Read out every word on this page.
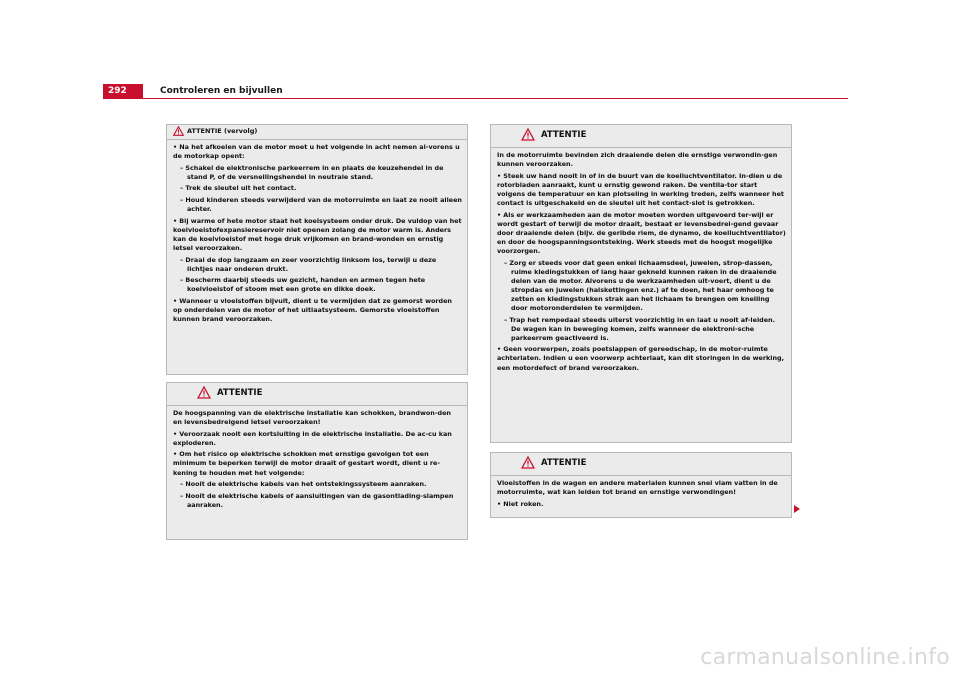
292	Controleren en bijvullen
ATTENTIE (vervolg)

• Na het afkoelen van de motor moet u het volgende in acht nemen al-vorens u de motorkap opent:

– Schakel de elektronische parkeerrem in en plaats de keuzehendel in de stand P, of de versnellingshendel in neutrale stand.

– Trek de sleutel uit het contact.

– Houd kinderen steeds verwijderd van de motorruimte en laat ze nooit alleen achter.

• Bij warme of hete motor staat het koelsysteem onder druk. De vuldop van het koelvloeistofexpansiereservoir niet openen zolang de motor warm is. Anders kan de koelvloeistof met hoge druk vrijkomen en brand-wonden en ernstig letsel veroorzaken.

– Draai de dop langzaam en zeer voorzichtig linksom los, terwijl u deze lichtjes naar onderen drukt.

– Bescherm daarbij steeds uw gezicht, handen en armen tegen hete koelvloeistof of stoom met een grote en dikke doek.

• Wanneer u vloeistoffen bijvult, dient u te vermijden dat ze gemorst worden op onderdelen van de motor of het uitlaatsysteem. Gemorste vloeistoffen kunnen brand veroorzaken.

ATTENTIE

De hoogspanning van de elektrische installatie kan schokken, brandwon-den en levensbedreigend letsel veroorzaken!

• Veroorzaak nooit een kortsluiting in de elektrische installatie. De ac-cu kan exploderen.

• Om het risico op elektrische schokken met ernstige gevolgen tot een minimum te beperken terwijl de motor draait of gestart wordt, dient u re-kening te houden met het volgende:

– Nooit de elektrische kabels van het ontstekingssysteem aanraken.

– Nooit de elektrische kabels of aansluitingen van de gasontlading-slampen aanraken.

ATTENTIE

In de motorruimte bevinden zich draaiende delen die ernstige verwondin-gen kunnen veroorzaken.

• Steek uw hand nooit in of in de buurt van de koelluchtventilator. In-dien u de rotorbladen aanraakt, kunt u ernstig gewond raken. De ventila-tor start volgens de temperatuur en kan plotseling in werking treden, zelfs wanneer het contact is uitgeschakeld en de sleutel uit het contact-slot is getrokken.

• Als er werkzaamheden aan de motor moeten worden uitgevoerd ter-wijl er wordt gestart of terwijl de motor draait, bestaat er levensbedrei-gend gevaar door draaiende delen (bijv. de geribde riem, de dynamo, de koelluchtventilator) en door de hoogspanningsontsteking. Werk steeds met de hoogst mogelijke voorzorgen.

– Zorg er steeds voor dat geen enkel lichaamsdeel, juwelen, strop-dassen, ruime kledingstukken of lang haar gekneld kunnen raken in de draaiende delen van de motor. Alvorens u de werkzaamheden uit-voert, dient u de stropdas en juwelen (halskettingen enz.) af te doen, het haar omhoog te zetten en kledingstukken strak aan het lichaam te brengen om knelling door motoronderdelen te vermijden.

– Trap het rempedaal steeds uiterst voorzichtig in en laat u nooit af-leiden. De wagen kan in beweging komen, zelfs wanneer de elektroni-sche parkeerrem geactiveerd is.

• Geen voorwerpen, zoals poetslappen of gereedschap, in de motor-ruimte achterlaten. Indien u een voorwerp achterlaat, kan dit storingen in de werking, een motordefect of brand veroorzaken.

ATTENTIE

Vloeistoffen in de wagen en andere materialen kunnen snel vlam vatten in de motorruimte, wat kan leiden tot brand en ernstige verwondingen!

• Niet roken.

carmanualsonline.info
